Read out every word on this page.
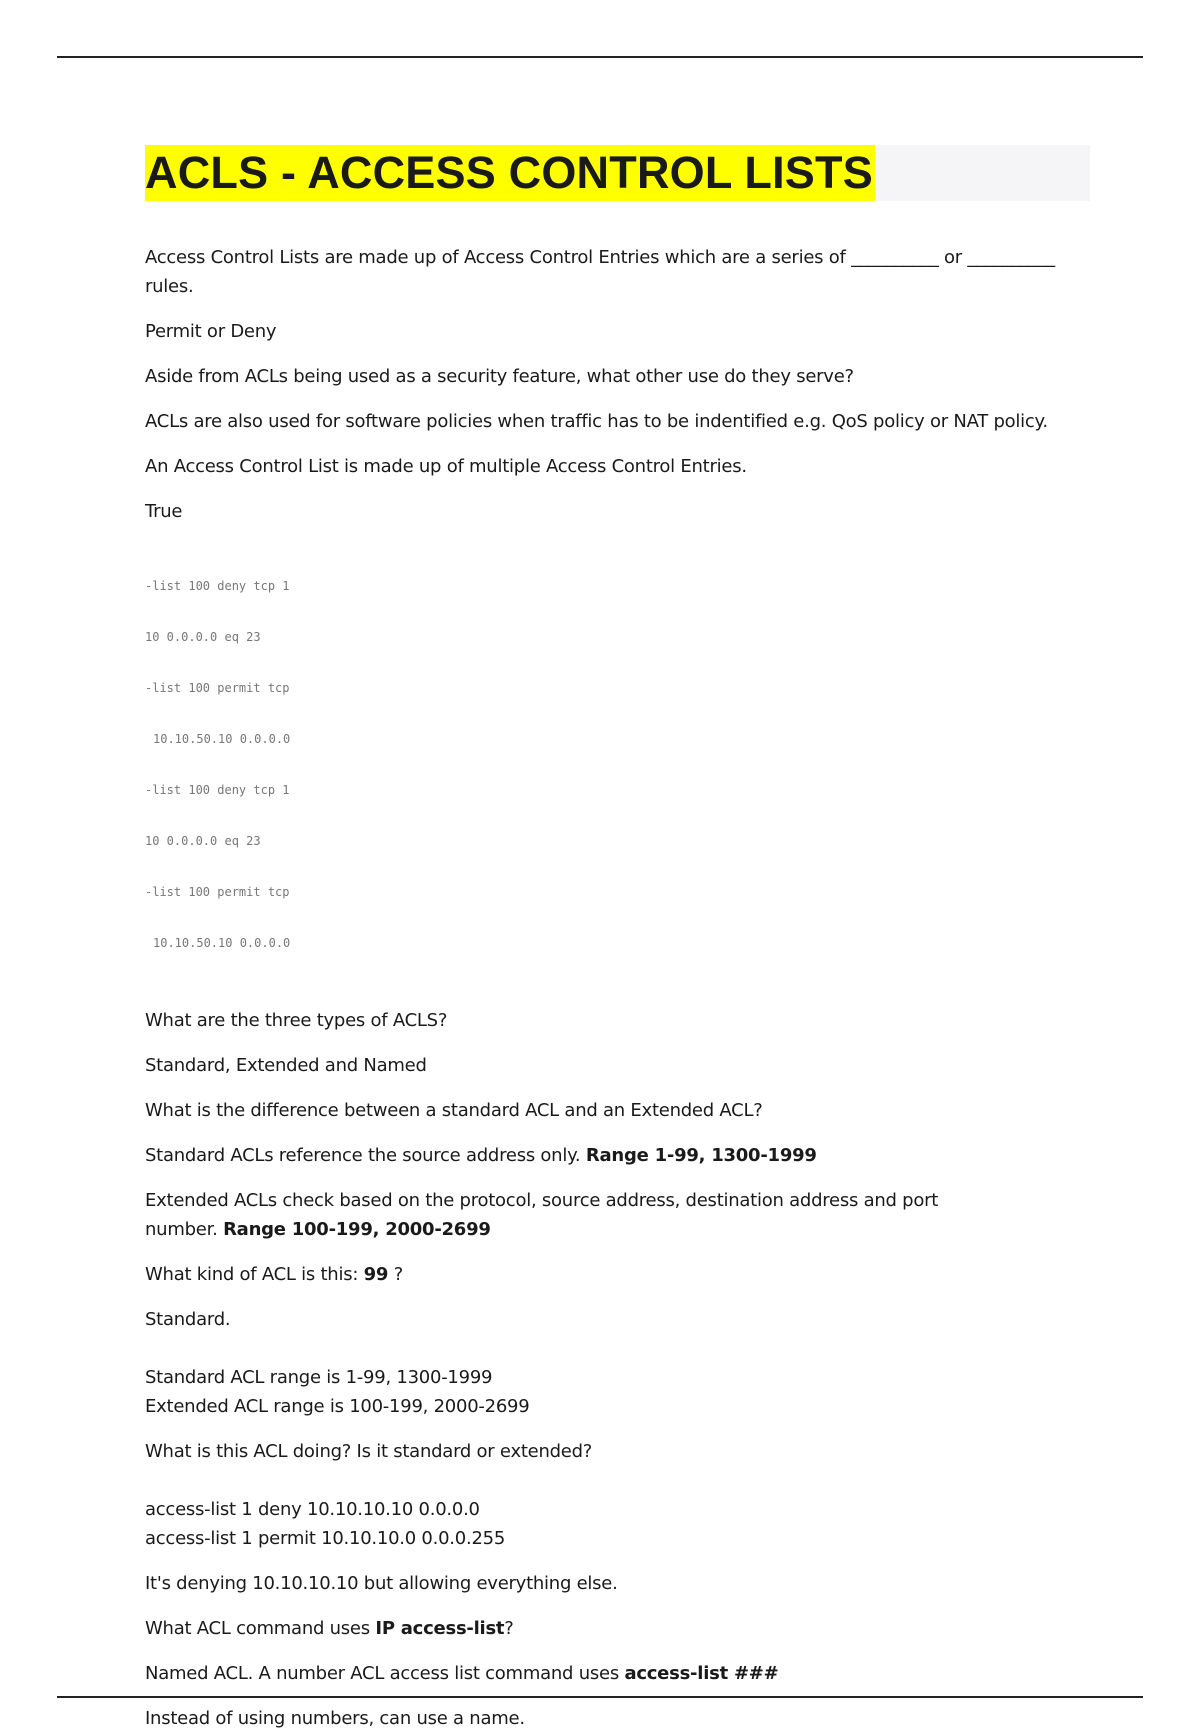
ACLS - ACCESS CONTROL LISTS

Access Control Lists are made up of Access Control Entries which are a series of __________ or __________

rules.

Permit or Deny

Aside from ACLs being used as a security feature, what other use do they serve?

ACLs are also used for software policies when traffic has to be indentified e.g. QoS policy or NAT policy.

An Access Control List is made up of multiple Access Control Entries.

True

-list 100 deny tcp 1

10 0.0.0.0 eq 23

-list 100 permit tcp

10.10.50.10 0.0.0.0

-list 100 deny tcp 1

10 0.0.0.0 eq 23

-list 100 permit tcp

10.10.50.10 0.0.0.0

What are the three types of ACLS?

Standard, Extended and Named

What is the difference between a standard ACL and an Extended ACL?

Standard ACLs reference the source address only. Range 1-99, 1300-1999

Extended ACLs check based on the protocol, source address, destination address and port

number. Range 100-199, 2000-2699

What kind of ACL is this: 99 ?

Standard.

Standard ACL range is 1-99, 1300-1999

Extended ACL range is 100-199, 2000-2699

What is this ACL doing? Is it standard or extended?

access-list 1 deny 10.10.10.10 0.0.0.0

access-list 1 permit 10.10.10.0 0.0.0.255

It's denying 10.10.10.10 but allowing everything else.

What ACL command uses IP access-list?

Named ACL. A number ACL access list command uses access-list ###

Instead of using numbers, can use a name.
